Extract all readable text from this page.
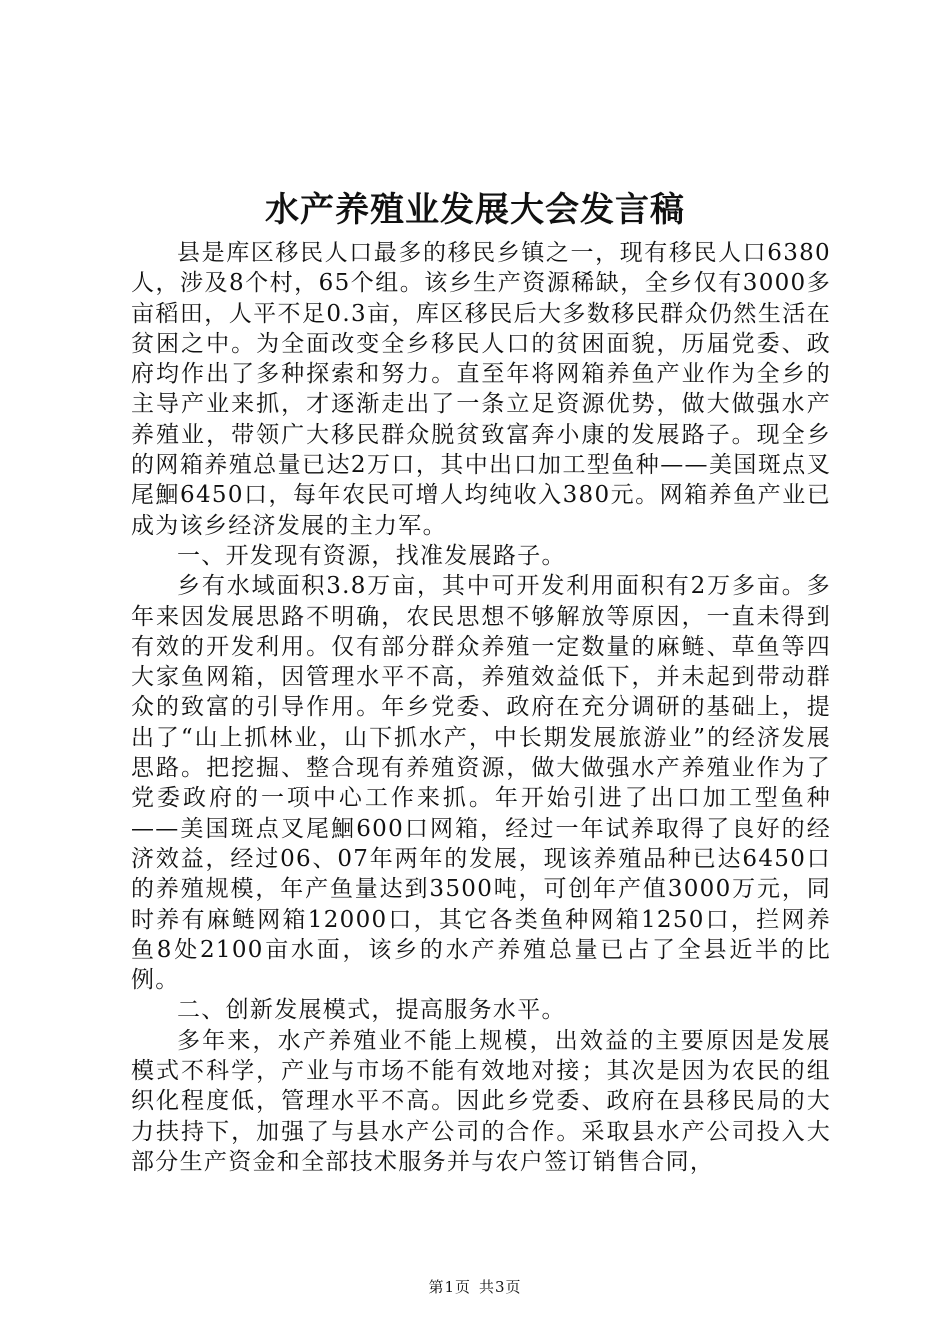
水产养殖业发展大会发言稿

县是库区移民人口最多的移民乡镇之一，现有移民人口6380人，涉及8个村，65个组。该乡生产资源稀缺，全乡仅有3000多亩稻田，人平不足0.3亩，库区移民后大多数移民群众仍然生活在贫困之中。为全面改变全乡移民人口的贫困面貌，历届党委、政府均作出了多种探索和努力。直至年将网箱养鱼产业作为全乡的主导产业来抓，才逐渐走出了一条立足资源优势，做大做强水产养殖业，带领广大移民群众脱贫致富奔小康的发展路子。现全乡的网箱养殖总量已达2万口，其中出口加工型鱼种——美国斑点叉尾鮰6450口，每年农民可增人均纯收入380元。网箱养鱼产业已成为该乡经济发展的主力军。

一、开发现有资源，找准发展路子。

乡有水域面积3.8万亩，其中可开发利用面积有2万多亩。多年来因发展思路不明确，农民思想不够解放等原因，一直未得到有效的开发利用。仅有部分群众养殖一定数量的麻鲢、草鱼等四大家鱼网箱，因管理水平不高，养殖效益低下，并未起到带动群众的致富的引导作用。年乡党委、政府在充分调研的基础上，提出了“山上抓林业，山下抓水产，中长期发展旅游业”的经济发展思路。把挖掘、整合现有养殖资源，做大做强水产养殖业作为了党委政府的一项中心工作来抓。年开始引进了出口加工型鱼种——美国斑点叉尾鮰600口网箱，经过一年试养取得了良好的经济效益，经过06、07年两年的发展，现该养殖品种已达6450口的养殖规模，年产鱼量达到3500吨，可创年产值3000万元，同时养有麻鲢网箱12000口，其它各类鱼种网箱1250口，拦网养鱼8处2100亩水面，该乡的水产养殖总量已占了全县近半的比例。

二、创新发展模式，提高服务水平。

多年来，水产养殖业不能上规模，出效益的主要原因是发展模式不科学，产业与市场不能有效地对接；其次是因为农民的组织化程度低，管理水平不高。因此乡党委、政府在县移民局的大力扶持下，加强了与县水产公司的合作。采取县水产公司投入大部分生产资金和全部技术服务并与农户签订销售合同，

第1页 共3页
